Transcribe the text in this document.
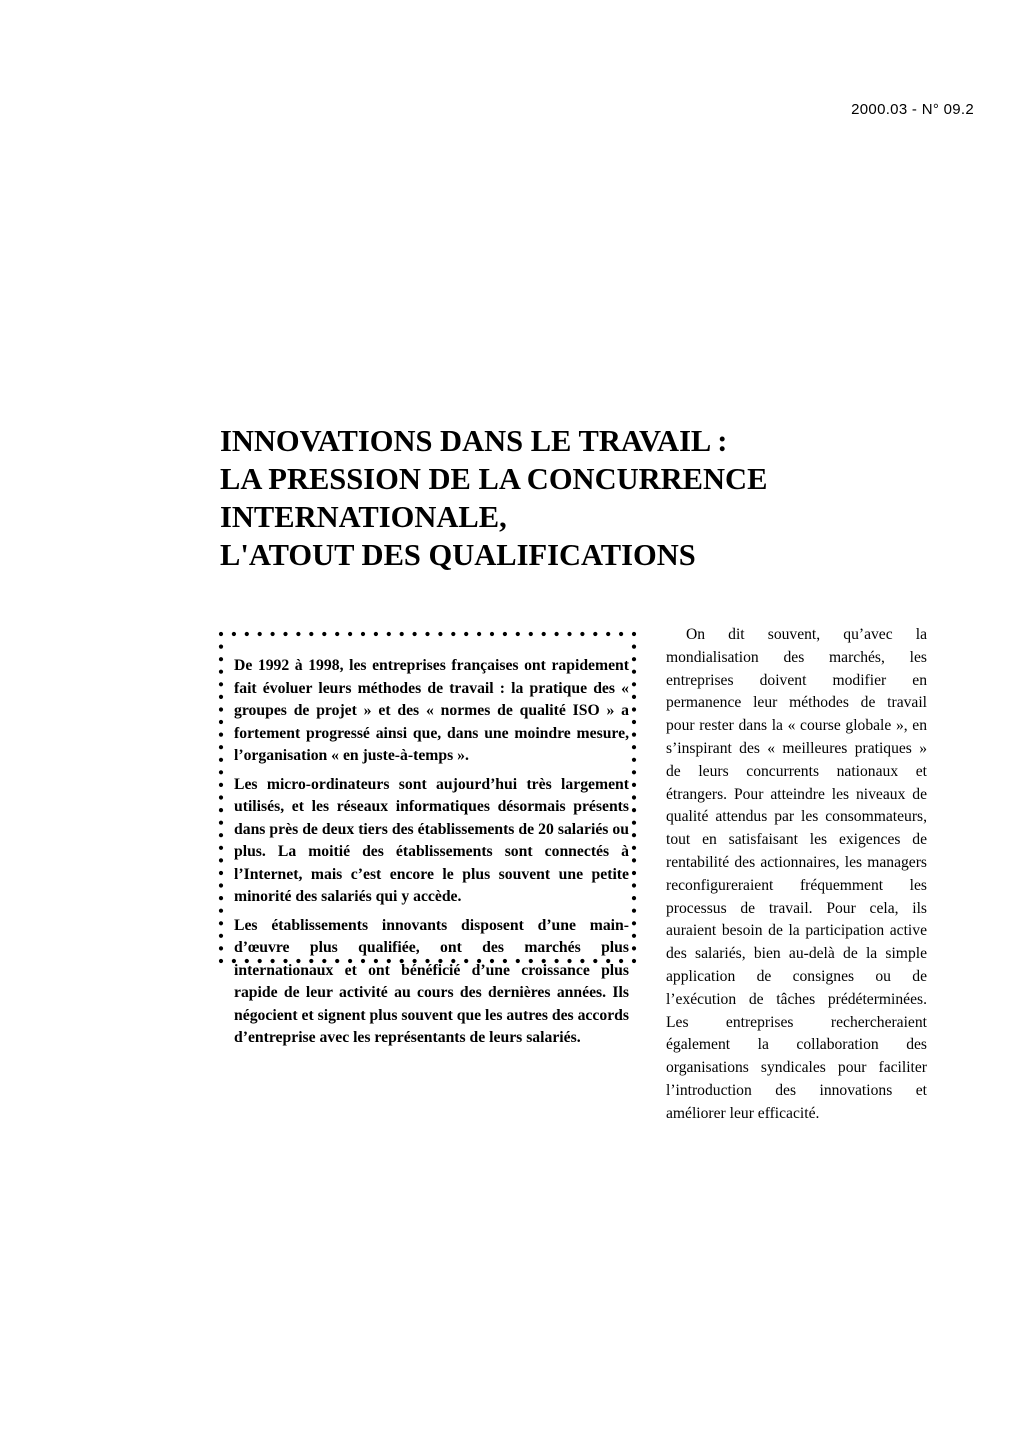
2000.03 - N° 09.2
INNOVATIONS DANS LE TRAVAIL :
LA PRESSION DE LA CONCURRENCE
INTERNATIONALE,
L'ATOUT DES QUALIFICATIONS

De 1992 à 1998, les entreprises françaises ont rapidement fait évoluer leurs méthodes de travail : la pratique des « groupes de projet » et des « normes de qualité ISO » a fortement progressé ainsi que, dans une moindre mesure, l’organisation « en juste-à-temps ».

Les micro-ordinateurs sont aujourd’hui très largement utilisés, et les réseaux informatiques désormais présents dans près de deux tiers des établissements de 20 salariés ou plus. La moitié des établissements sont connectés à l’Internet, mais c’est encore le plus souvent une petite minorité des salariés qui y accède.

Les établissements innovants disposent d’une main-d’œuvre plus qualifiée, ont des marchés plus internationaux et ont bénéficié d’une croissance plus rapide de leur activité au cours des dernières années. Ils négocient et signent plus souvent que les autres des accords d’entreprise avec les représentants de leurs salariés.

On dit souvent, qu’avec la mondialisation des marchés, les entreprises doivent modifier en permanence leur méthodes de travail pour rester dans la « course globale », en s’inspirant des « meilleures pratiques » de leurs concurrents nationaux et étrangers. Pour atteindre les niveaux de qualité attendus par les consommateurs, tout en satisfaisant les exigences de rentabilité des actionnaires, les managers reconfigureraient fréquemment les processus de travail. Pour cela, ils auraient besoin de la participation active des salariés, bien au-delà de la simple application de consignes ou de l’exécution de tâches prédéterminées. Les entreprises rechercheraient également la collaboration des organisations syndicales pour faciliter l’introduction des innovations et améliorer leur efficacité.
